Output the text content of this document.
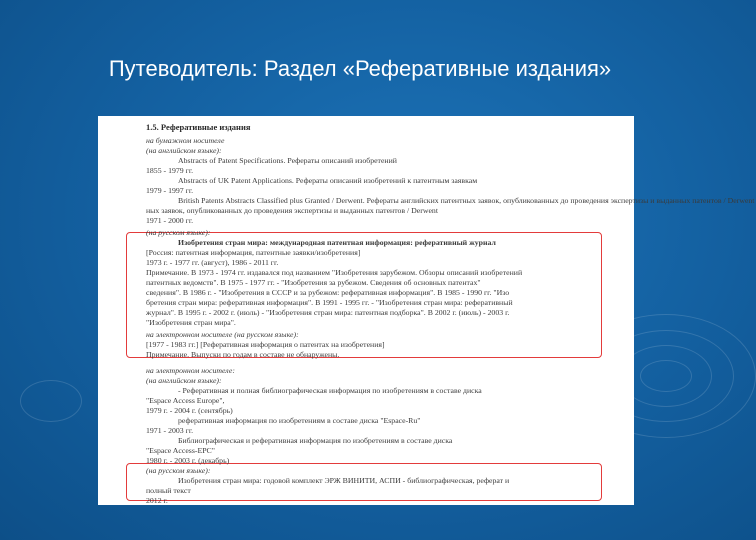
Путеводитель: Раздел «Реферативные издания»
1.5. Реферативные издания
на бумажном носителе
(на английском языке):
Abstracts of Patent Specifications. Рефераты описаний изобретений
1855 - 1979 гг.
Abstracts of UK Patent Applications. Рефераты описаний изобретений к патентным заявкам
1979 - 1997 гг.
British Patents Abstracts Classified plus Granted / Derwent. Рефераты английских патентных заявок, опубликованных до проведения экспертизы и выданных патентов / Derwent
ных заявок, опубликованных до проведения экспертизы и выданных патентов / Derwent
1971 - 2000 гг.
(на русском языке):
Изобретения стран мира: международная патентная информация: реферативный журнал
[Россия: патентная информация, патентные заявки/изобретения]
1973 г. - 1977 гг. (август), 1986 - 2011 гг.
Примечание. В 1973 - 1974 гг. издавался под названием "Изобретения зарубежом. Обзоры описаний изобретений
патентных ведомств". В 1975 - 1977 гг. - "Изобретения за рубежом. Сведения об основных патентах"
сведения". В 1986 г. - "Изобретения в СССР и за рубежом: реферативная информация". В 1985 - 1990 гг. "Изо
бретения стран мира: реферативная информация". В 1991 - 1995 гг. - "Изобретения стран мира: реферативный
журнал". В 1995 г. - 2002 г. (июль) - "Изобретения стран мира: патентная подборка". В 2002 г. (июль) - 2003 г.
"Изобретения стран мира".
на электронном носителе (на русском языке):
[1977 - 1983 гг.] [Реферативная информация о патентах на изобретения]
Примечание. Выпуски по годам в составе не обнаружены.
на электронном носителе:
(на английском языке):
- Реферативная и полная библиографическая информация по изобретениям в составе диска
"Espace Access Europe",
1979 г. - 2004 г. (сентябрь)
реферативная информация по изобретениям в составе диска "Espace-Ru"
1971 - 2003 гг.
Библиографическая и реферативная информация по изобретениям в составе диска
"Espace Access-EPC"
1980 г. - 2003 г. (декабрь)
(на русском языке):
Изобретения стран мира: годовой комплект ЭРЖ ВИНИТИ, АСПИ - библиографическая, реферат и
полный текст
2012 г.
